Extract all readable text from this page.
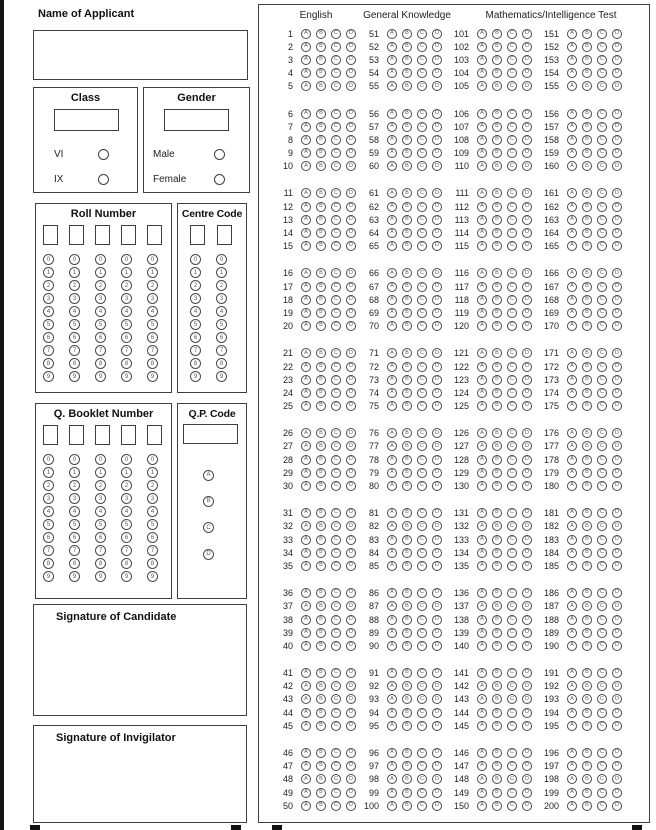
Name of Applicant
Class
VI
IX
Gender
Male
Female
Roll Number
0	0	0	0	0
1	1	1	1	1
2	2	2	2	2
3	3	3	3	3
4	4	4	4	4
5	5	5	5	5
6	6	6	6	6
7	7	7	7	7
8	8	8	8	8
9	9	9	9	9
Centre Code
0	0
1	1
2	2
3	3
4	4
5	5
6	6
7	7
8	8
9	9
Q. Booklet Number
0	0	0	0	0
1	1	1	1	1
2	2	2	2	2
3	3	3	3	3
4	4	4	4	4
5	5	5	5	5
6	6	6	6	6
7	7	7	7	7
8	8	8	8	8
9	9	9	9	9
Q.P. Code
A
B
C
D
Signature of Candidate
Signature of Invigilator
English	General Knowledge	Mathematics/Intelligence Test
1	A	B	C	D
2	A	B	C	D
3	A	B	C	D
4	A	B	C	D
5	A	B	C	D
6	A	B	C	D
7	A	B	C	D
8	A	B	C	D
9	A	B	C	D
10	A	B	C	D
11	A	B	C	D
12	A	B	C	D
13	A	B	C	D
14	A	B	C	D
15	A	B	C	D
16	A	B	C	D
17	A	B	C	D
18	A	B	C	D
19	A	B	C	D
20	A	B	C	D
21	A	B	C	D
22	A	B	C	D
23	A	B	C	D
24	A	B	C	D
25	A	B	C	D
26	A	B	C	D
27	A	B	C	D
28	A	B	C	D
29	A	B	C	D
30	A	B	C	D
31	A	B	C	D
32	A	B	C	D
33	A	B	C	D
34	A	B	C	D
35	A	B	C	D
36	A	B	C	D
37	A	B	C	D
38	A	B	C	D
39	A	B	C	D
40	A	B	C	D
41	A	B	C	D
42	A	B	C	D
43	A	B	C	D
44	A	B	C	D
45	A	B	C	D
46	A	B	C	D
47	A	B	C	D
48	A	B	C	D
49	A	B	C	D
50	A	B	C	D
51	A	B	C	D
52	A	B	C	D
53	A	B	C	D
54	A	B	C	D
55	A	B	C	D
56	A	B	C	D
57	A	B	C	D
58	A	B	C	D
59	A	B	C	D
60	A	B	C	D
61	A	B	C	D
62	A	B	C	D
63	A	B	C	D
64	A	B	C	D
65	A	B	C	D
66	A	B	C	D
67	A	B	C	D
68	A	B	C	D
69	A	B	C	D
70	A	B	C	D
71	A	B	C	D
72	A	B	C	D
73	A	B	C	D
74	A	B	C	D
75	A	B	C	D
76	A	B	C	D
77	A	B	C	D
78	A	B	C	D
79	A	B	C	D
80	A	B	C	D
81	A	B	C	D
82	A	B	C	D
83	A	B	C	D
84	A	B	C	D
85	A	B	C	D
86	A	B	C	D
87	A	B	C	D
88	A	B	C	D
89	A	B	C	D
90	A	B	C	D
91	A	B	C	D
92	A	B	C	D
93	A	B	C	D
94	A	B	C	D
95	A	B	C	D
96	A	B	C	D
97	A	B	C	D
98	A	B	C	D
99	A	B	C	D
100	A	B	C	D
101	A	B	C	D
102	A	B	C	D
103	A	B	C	D
104	A	B	C	D
105	A	B	C	D
106	A	B	C	D
107	A	B	C	D
108	A	B	C	D
109	A	B	C	D
110	A	B	C	D
111	A	B	C	D
112	A	B	C	D
113	A	B	C	D
114	A	B	C	D
115	A	B	C	D
116	A	B	C	D
117	A	B	C	D
118	A	B	C	D
119	A	B	C	D
120	A	B	C	D
121	A	B	C	D
122	A	B	C	D
123	A	B	C	D
124	A	B	C	D
125	A	B	C	D
126	A	B	C	D
127	A	B	C	D
128	A	B	C	D
129	A	B	C	D
130	A	B	C	D
131	A	B	C	D
132	A	B	C	D
133	A	B	C	D
134	A	B	C	D
135	A	B	C	D
136	A	B	C	D
137	A	B	C	D
138	A	B	C	D
139	A	B	C	D
140	A	B	C	D
141	A	B	C	D
142	A	B	C	D
143	A	B	C	D
144	A	B	C	D
145	A	B	C	D
146	A	B	C	D
147	A	B	C	D
148	A	B	C	D
149	A	B	C	D
150	A	B	C	D
151	A	B	C	D
152	A	B	C	D
153	A	B	C	D
154	A	B	C	D
155	A	B	C	D
156	A	B	C	D
157	A	B	C	D
158	A	B	C	D
159	A	B	C	D
160	A	B	C	D
161	A	B	C	D
162	A	B	C	D
163	A	B	C	D
164	A	B	C	D
165	A	B	C	D
166	A	B	C	D
167	A	B	C	D
168	A	B	C	D
169	A	B	C	D
170	A	B	C	D
171	A	B	C	D
172	A	B	C	D
173	A	B	C	D
174	A	B	C	D
175	A	B	C	D
176	A	B	C	D
177	A	B	C	D
178	A	B	C	D
179	A	B	C	D
180	A	B	C	D
181	A	B	C	D
182	A	B	C	D
183	A	B	C	D
184	A	B	C	D
185	A	B	C	D
186	A	B	C	D
187	A	B	C	D
188	A	B	C	D
189	A	B	C	D
190	A	B	C	D
191	A	B	C	D
192	A	B	C	D
193	A	B	C	D
194	A	B	C	D
195	A	B	C	D
196	A	B	C	D
197	A	B	C	D
198	A	B	C	D
199	A	B	C	D
200	A	B	C	D
